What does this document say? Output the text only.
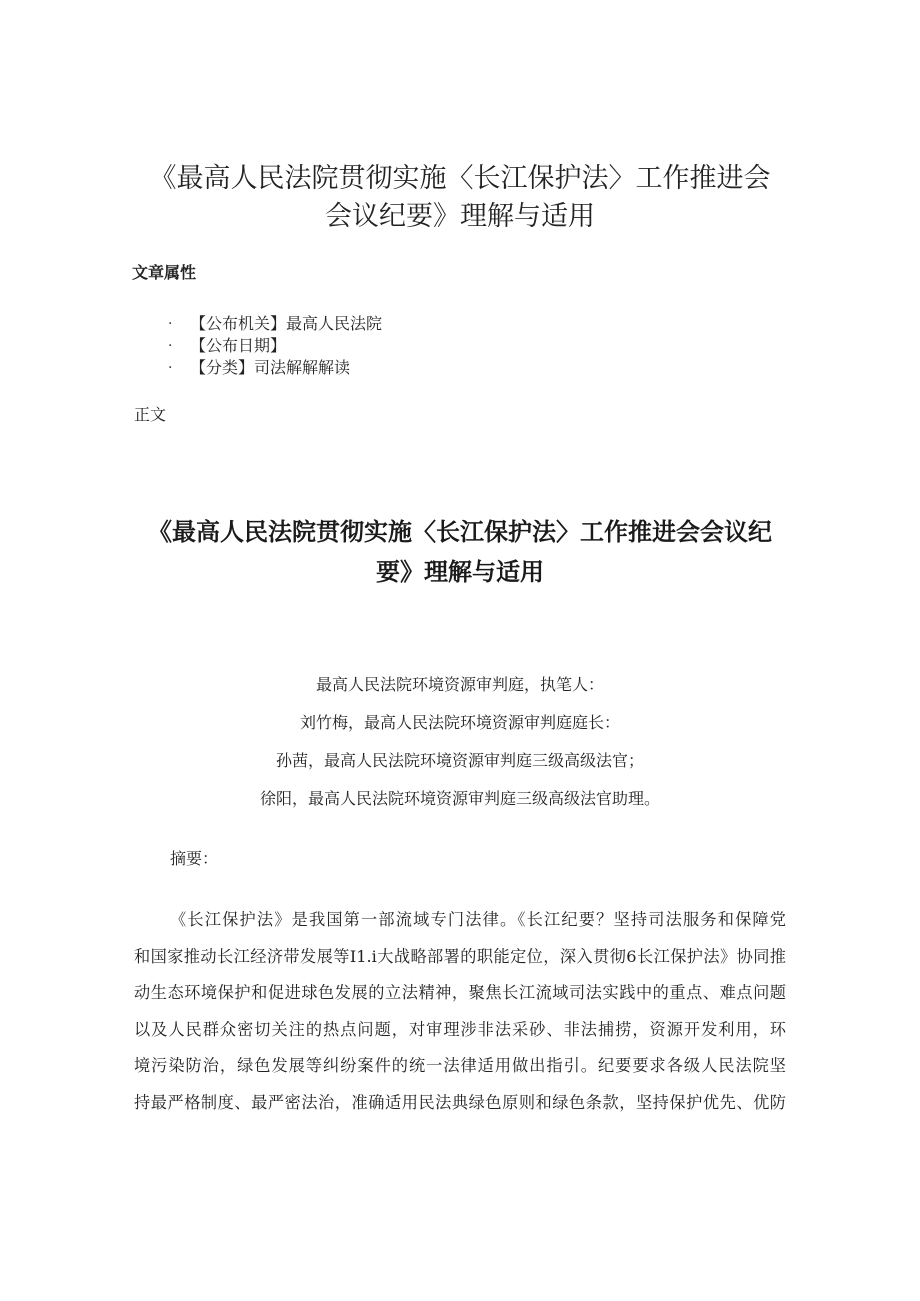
《最高人民法院贯彻实施〈长江保护法〉工作推进会
会议纪要》理解与适用
文章属性
·	【公布机关】最高人民法院
·	【公布日期】
·	【分类】司法解解解读
正文
《最高人民法院贯彻实施〈长江保护法〉工作推进会会议纪
要》理解与适用
最高人民法院环境资源审判庭，执笔人：
刘竹梅，最高人民法院环境资源审判庭庭长：
孙茜，最高人民法院环境资源审判庭三级高级法官；
徐阳，最高人民法院环境资源审判庭三级高级法官助理。
摘要：
《长江保护法》是我国第一部流域专门法律。《长江纪要？坚持司法服务和保障党
和国家推动长江经济带发展等I1.i大战略部署的职能定位，深入贯彻6长江保护法》协同推
动生态环境保护和促进球色发展的立法精神，聚焦长江流域司法实践中的重点、难点问题
以及人民群众密切关注的热点问题，对审理涉非法采砂、非法捕捞，资源开发利用，环
境污染防治，绿色发展等纠纷案件的统一法律适用做出指引。纪要要求各级人民法院坚
持最严格制度、最严密法治，准确适用民法典绿色原则和绿色条款，坚持保护优先、优防
